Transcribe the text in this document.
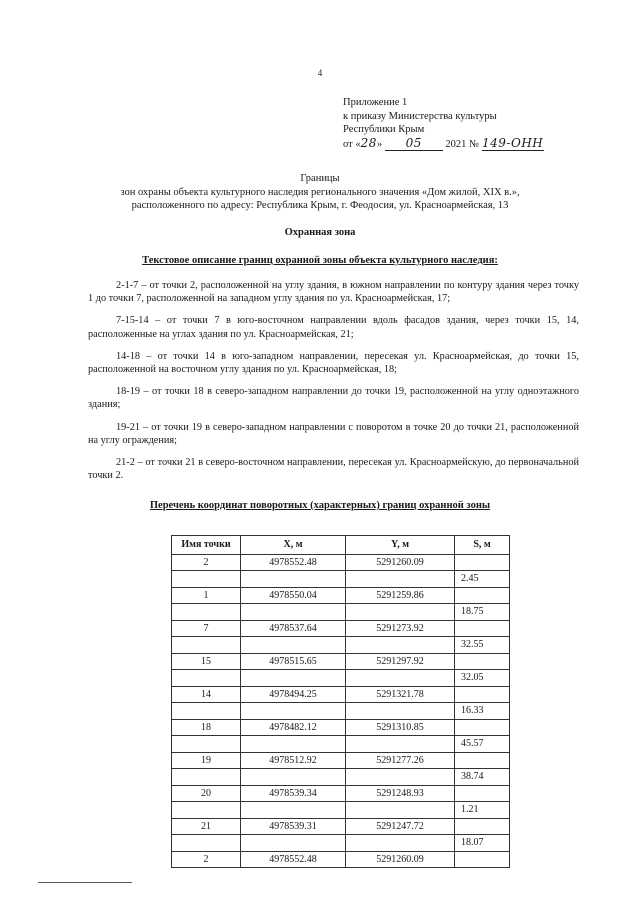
4
Приложение 1
к приказу Министерства культуры
Республики Крым
от «28» 05 2021 № 149-ОНН
Границы
зон охраны объекта культурного наследия регионального значения «Дом жилой, XIX в.»,
расположенного по адресу: Республика Крым, г. Феодосия, ул. Красноармейская, 13
Охранная зона
Текстовое описание границ охранной зоны объекта культурного наследия:

2-1-7 – от точки 2, расположенной на углу здания, в южном направлении по контуру здания через точку 1 до точки 7, расположенной на западном углу здания по ул. Красноармейская, 17;

7-15-14 – от точки 7 в юго-восточном направлении вдоль фасадов здания, через точки 15, 14, расположенные на углах здания по ул. Красноармейская, 21;

14-18 – от точки 14 в юго-западном направлении, пересекая ул. Красноармейская, до точки 15, расположенной на восточном углу здания по ул. Красноармейская, 18;

18-19 – от точки 18 в северо-западном направлении до точки 19, расположенной на углу одноэтажного здания;

19-21 – от точки 19 в северо-западном направлении с поворотом в точке 20 до точки 21, расположенной на углу ограждения;

21-2 – от точки 21 в северо-восточном направлении, пересекая ул. Красноармейскую, до первоначальной точки 2.

Перечень координат поворотных (характерных) границ охранной зоны
Имя точки	X, м	Y, м	S, м
2	4978552.48	5291260.09	
			2.45
1	4978550.04	5291259.86	
			18.75
7	4978537.64	5291273.92	
			32.55
15	4978515.65	5291297.92	
			32.05
14	4978494.25	5291321.78	
			16.33
18	4978482.12	5291310.85	
			45.57
19	4978512.92	5291277.26	
			38.74
20	4978539.34	5291248.93	
			1.21
21	4978539.31	5291247.72	
			18.07
2	4978552.48	5291260.09	
